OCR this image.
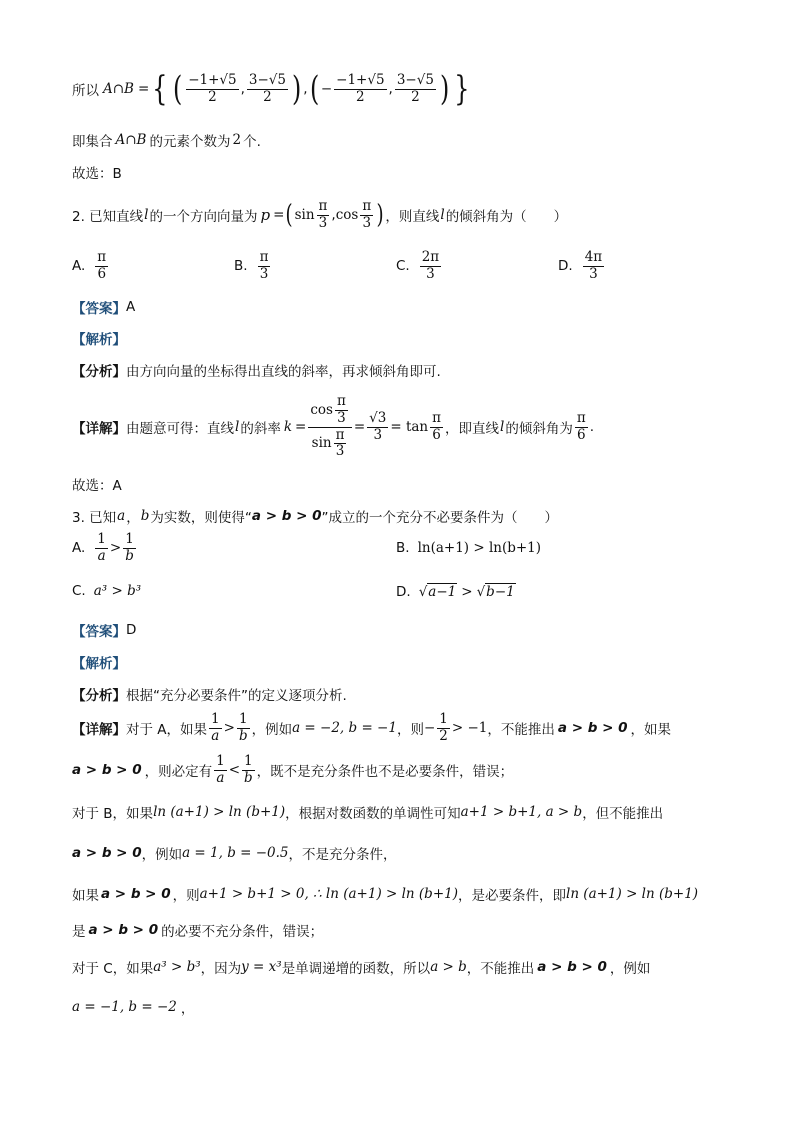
所以 A∩B = { ( $\frac{-1+√5}{2}$ , $\frac{3-√5}{2}$ ) , ( − $\frac{-1+√5}{2}$ , $\frac{3-√5}{2}$ ) }
即集合 A∩B 的元素个数为 2 个.
故选：B
2. 已知直线 l 的一个方向向量为 p = ( $\sin \frac{\pi}{3}$ , $\cos \frac{\pi}{3}$ ) ，则直线 l 的倾斜角为（　　）
A. $\frac{\pi}{6}$	B. $\frac{\pi}{3}$	C. $\frac{2\pi}{3}$	D. $\frac{4\pi}{3}$
【答案】 A
【解析】
【分析】 由方向向量的坐标得出直线的斜率，再求倾斜角即可.
【详解】 由题意可得：直线 l 的斜率 $k = \frac{\cos \frac{\pi}{3}}{\sin \frac{\pi}{3}} = \frac{√3}{3} = \tan \frac{\pi}{6}$ ，即直线 l 的倾斜角为 $\frac{\pi}{6}$ .
故选：A
3. 已知 a ， b 为实数，则使得“ a > b > 0 ”成立的一个充分不必要条件为（　　）
A. $\frac{1}{a} > \frac{1}{b}$	B. ln(a+1) > ln(b+1)
C. a³ > b³	D. √ a−1 > √ b−1
【答案】 D
【解析】
【分析】 根据“充分必要条件”的定义逐项分析.
【详解】 对于 A，如果 $\frac{1}{a} > \frac{1}{b}$ ，例如 a = −2, b = −1 ，则 − $\frac{1}{2} > -1$ ，不能推出 a > b > 0 ，如果
a > b > 0 ，则必定有 $\frac{1}{a} < \frac{1}{b}$ ，既不是充分条件也不是必要条件，错误；
对于 B，如果 ln (a+1) > ln (b+1) ，根据对数函数的单调性可知 a+1 > b+1, a > b ，但不能推出
a > b > 0 ，例如 a = 1, b = −0.5 ，不是充分条件，
如果 a > b > 0 ，则 a+1 > b+1 > 0, ∴ ln (a+1) > ln (b+1) ，是必要条件，即 ln (a+1) > ln (b+1)
是 a > b > 0 的必要不充分条件，错误；
对于 C，如果 a³ > b³ ，因为 y = x³ 是单调递增的函数，所以 a > b ，不能推出 a > b > 0 ，例如
a = −1, b = −2 ，
